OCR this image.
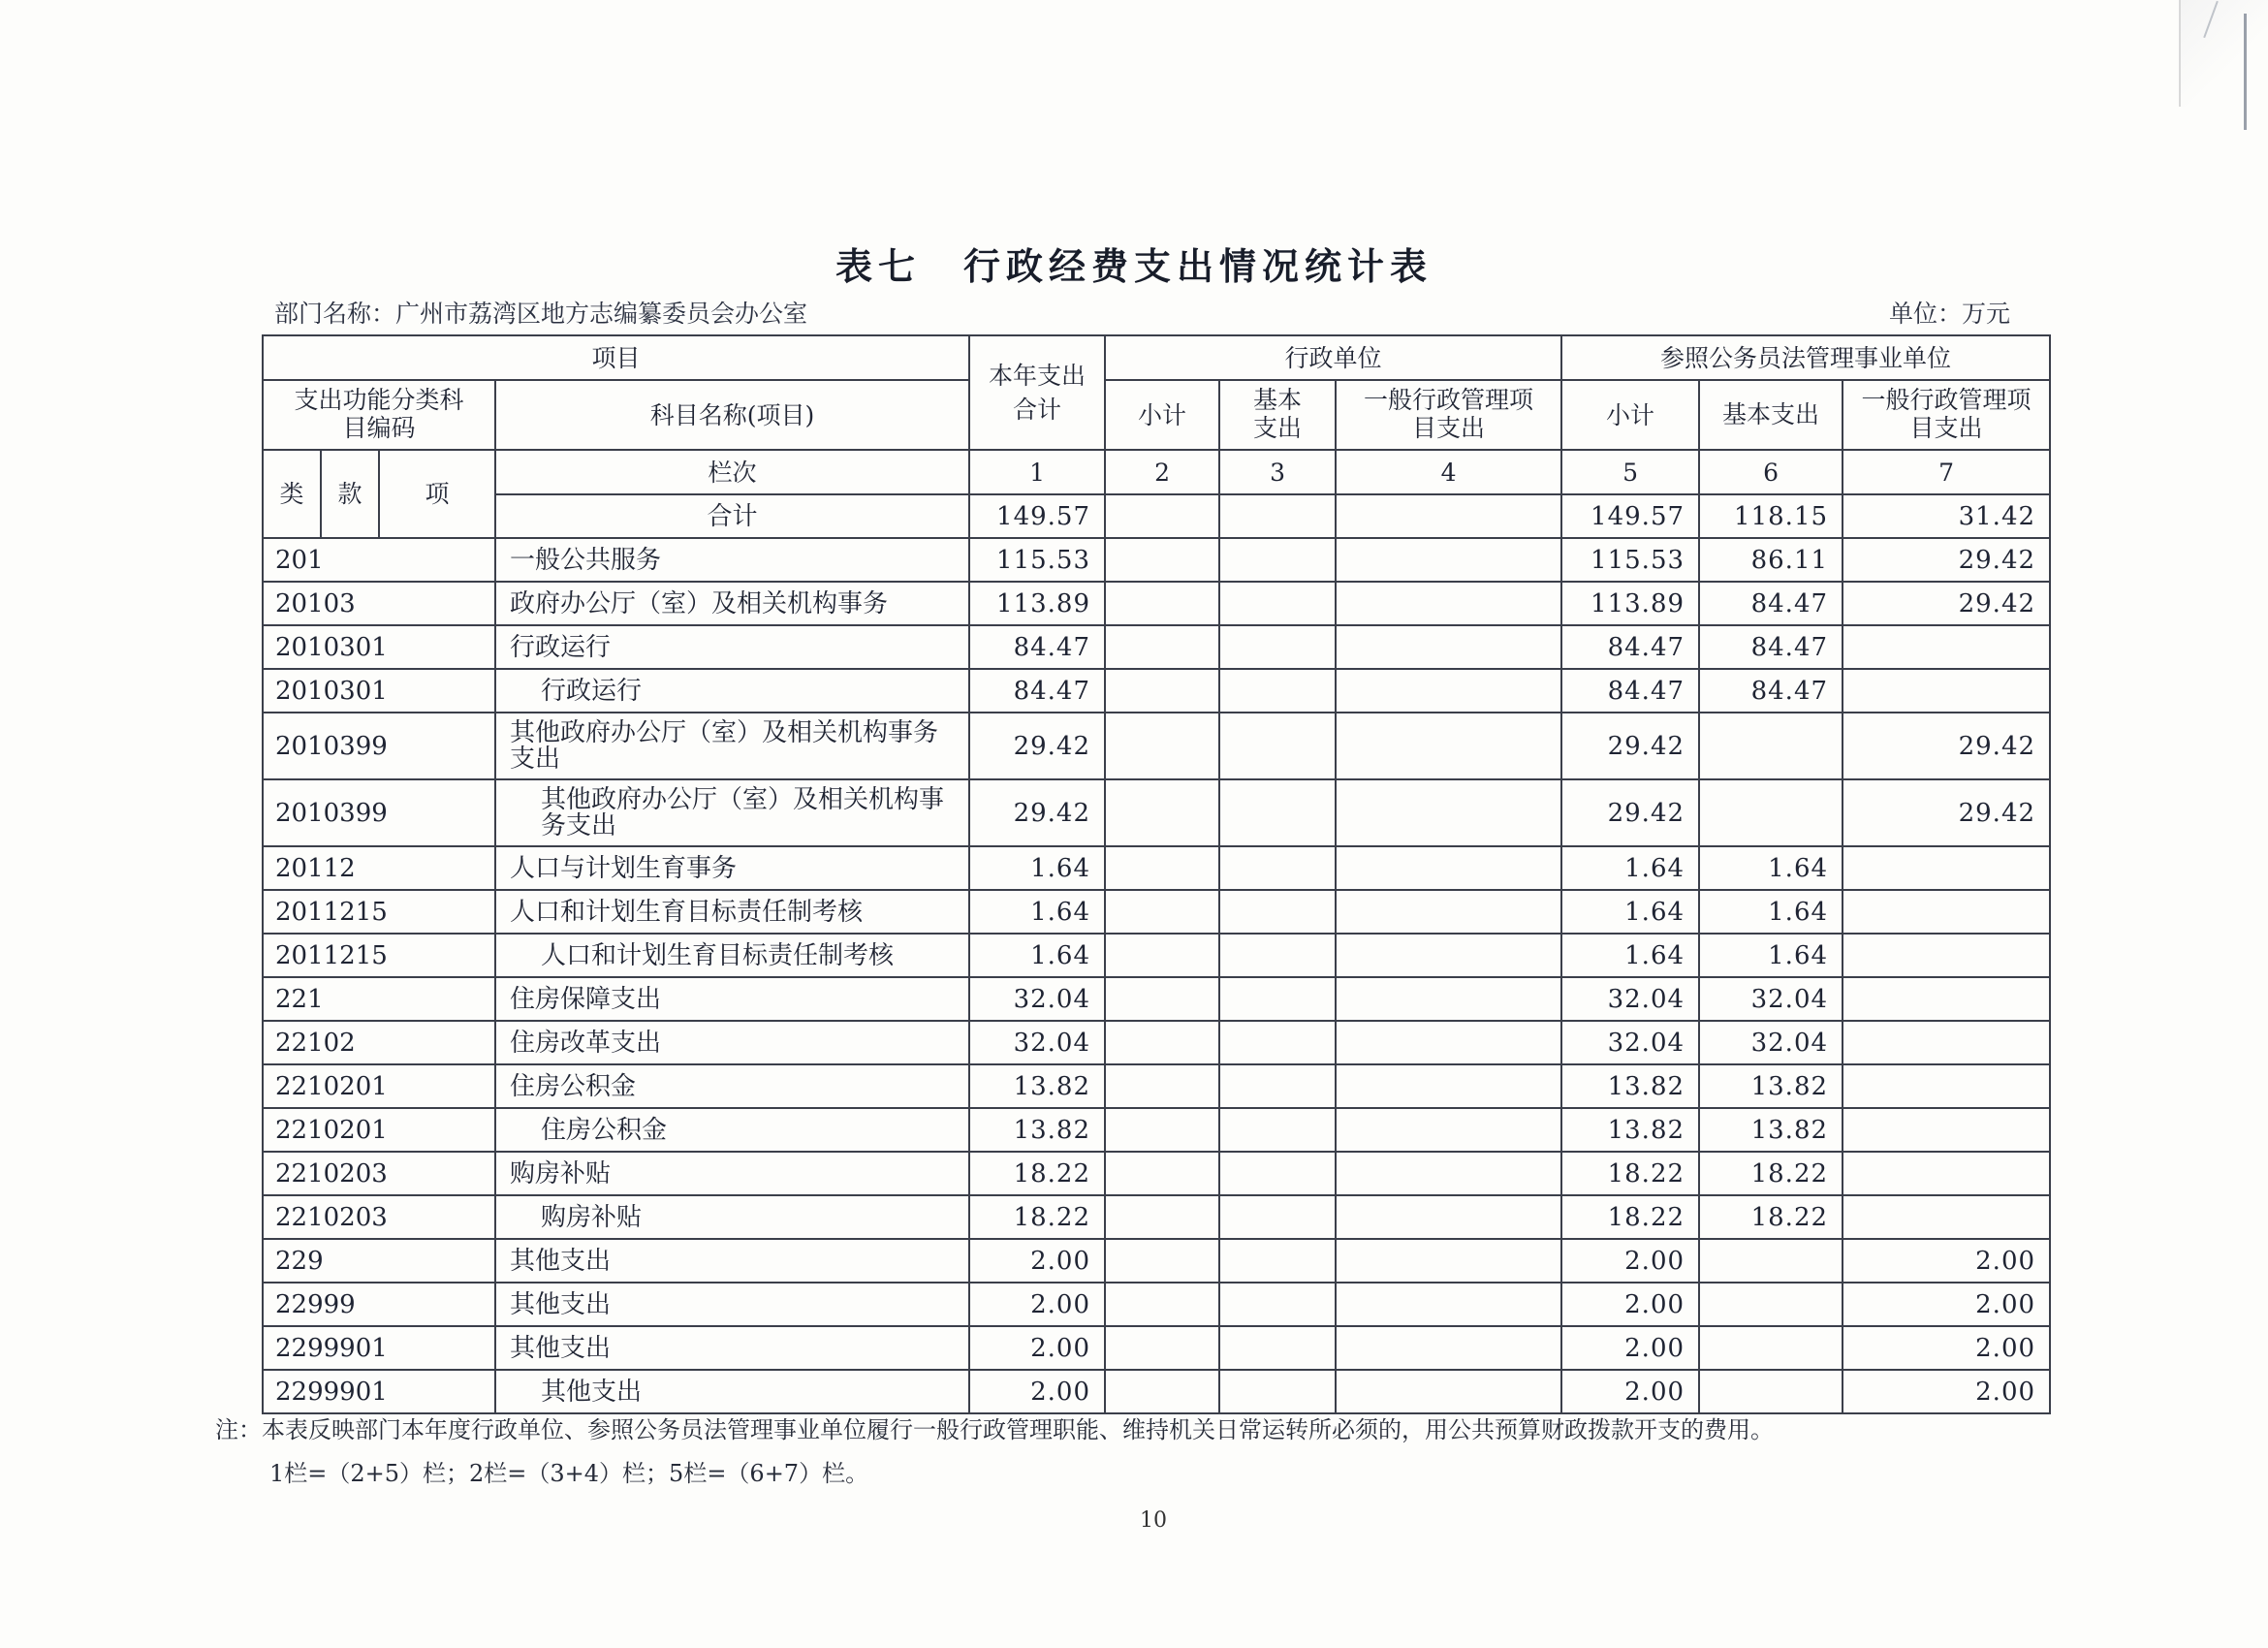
表七　行政经费支出情况统计表
部门名称：广州市荔湾区地方志编纂委员会办公室	单位：万元
项目				本年支出合计	行政单位			参照公务员法管理事业单位		
支出功能分类科目编码			科目名称(项目)		小计	基本支出	一般行政管理项目支出	小计	基本支出	一般行政管理项目支出
类	款	项	栏次	1	2	3	4	5	6	7
			合计	149.57				149.57	118.15	31.42
201			一般公共服务	115.53				115.53	86.11	29.42
20103			政府办公厅（室）及相关机构事务	113.89				113.89	84.47	29.42
2010301			行政运行	84.47				84.47	84.47	
2010301			行政运行	84.47				84.47	84.47	
2010399			其他政府办公厅（室）及相关机构事务支出	29.42				29.42		29.42
2010399			其他政府办公厅（室）及相关机构事务支出	29.42				29.42		29.42
20112			人口与计划生育事务	1.64				1.64	1.64	
2011215			人口和计划生育目标责任制考核	1.64				1.64	1.64	
2011215			人口和计划生育目标责任制考核	1.64				1.64	1.64	
221			住房保障支出	32.04				32.04	32.04	
22102			住房改革支出	32.04				32.04	32.04	
2210201			住房公积金	13.82				13.82	13.82	
2210201			住房公积金	13.82				13.82	13.82	
2210203			购房补贴	18.22				18.22	18.22	
2210203			购房补贴	18.22				18.22	18.22	
229			其他支出	2.00				2.00		2.00
22999			其他支出	2.00				2.00		2.00
2299901			其他支出	2.00				2.00		2.00
2299901			其他支出	2.00				2.00		2.00
注：本表反映部门本年度行政单位、参照公务员法管理事业单位履行一般行政管理职能、维持机关日常运转所必须的，用公共预算财政拨款开支的费用。
1栏=（2+5）栏；2栏=（3+4）栏；5栏=（6+7）栏。
10
